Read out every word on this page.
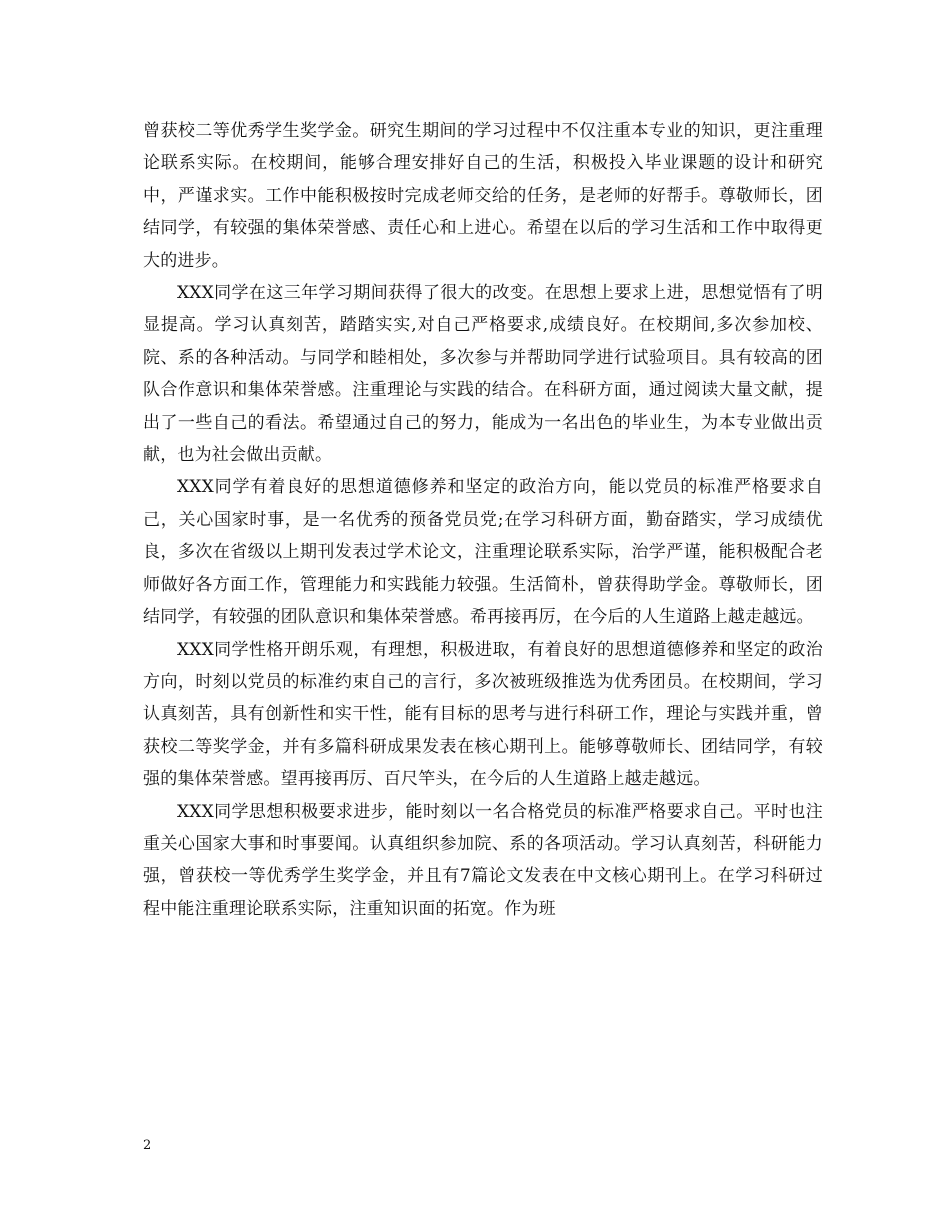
曾获校二等优秀学生奖学金。研究生期间的学习过程中不仅注重本专业的知识，更注重理论联系实际。在校期间，能够合理安排好自己的生活，积极投入毕业课题的设计和研究中，严谨求实。工作中能积极按时完成老师交给的任务，是老师的好帮手。尊敬师长，团结同学，有较强的集体荣誉感、责任心和上进心。希望在以后的学习生活和工作中取得更大的进步。

XXX同学在这三年学习期间获得了很大的改变。在思想上要求上进，思想觉悟有了明显提高。学习认真刻苦，踏踏实实,对自己严格要求,成绩良好。在校期间,多次参加校、院、系的各种活动。与同学和睦相处，多次参与并帮助同学进行试验项目。具有较高的团队合作意识和集体荣誉感。注重理论与实践的结合。在科研方面，通过阅读大量文献，提出了一些自己的看法。希望通过自己的努力，能成为一名出色的毕业生，为本专业做出贡献，也为社会做出贡献。

XXX同学有着良好的思想道德修养和坚定的政治方向，能以党员的标准严格要求自己，关心国家时事，是一名优秀的预备党员党;在学习科研方面，勤奋踏实，学习成绩优良，多次在省级以上期刊发表过学术论文，注重理论联系实际，治学严谨，能积极配合老师做好各方面工作，管理能力和实践能力较强。生活简朴，曾获得助学金。尊敬师长，团结同学，有较强的团队意识和集体荣誉感。希再接再厉，在今后的人生道路上越走越远。

XXX同学性格开朗乐观，有理想，积极进取，有着良好的思想道德修养和坚定的政治方向，时刻以党员的标准约束自己的言行，多次被班级推选为优秀团员。在校期间，学习认真刻苦，具有创新性和实干性，能有目标的思考与进行科研工作，理论与实践并重，曾获校二等奖学金，并有多篇科研成果发表在核心期刊上。能够尊敬师长、团结同学，有较强的集体荣誉感。望再接再厉、百尺竿头，在今后的人生道路上越走越远。

XXX同学思想积极要求进步，能时刻以一名合格党员的标准严格要求自己。平时也注重关心国家大事和时事要闻。认真组织参加院、系的各项活动。学习认真刻苦，科研能力强，曾获校一等优秀学生奖学金，并且有7篇论文发表在中文核心期刊上。在学习科研过程中能注重理论联系实际，注重知识面的拓宽。作为班

2
